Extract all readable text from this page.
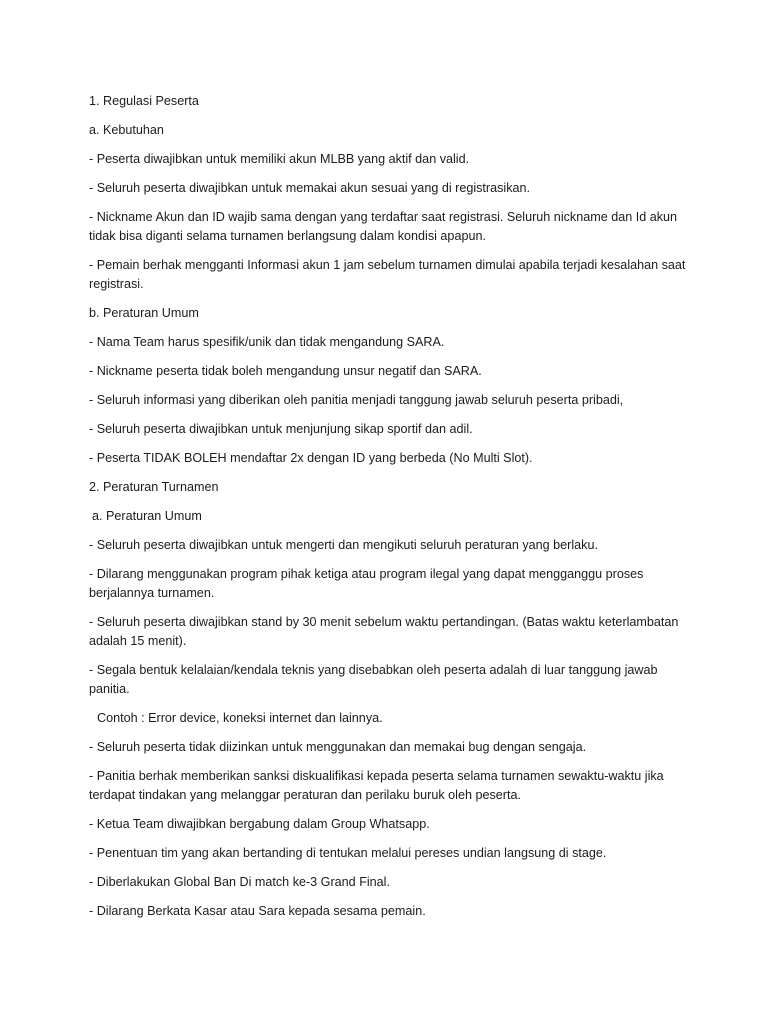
1. Regulasi Peserta

a. Kebutuhan

- Peserta diwajibkan untuk memiliki akun MLBB yang aktif dan valid.

- Seluruh peserta diwajibkan untuk memakai akun sesuai yang di registrasikan.

- Nickname Akun dan ID wajib sama dengan yang terdaftar saat registrasi. Seluruh nickname dan Id akun tidak bisa diganti selama turnamen berlangsung dalam kondisi apapun.

- Pemain berhak mengganti Informasi akun 1 jam sebelum turnamen dimulai apabila terjadi kesalahan saat registrasi.

b. Peraturan Umum

- Nama Team harus spesifik/unik dan tidak mengandung SARA.

- Nickname peserta tidak boleh mengandung unsur negatif dan SARA.

- Seluruh informasi yang diberikan oleh panitia menjadi tanggung jawab seluruh peserta pribadi,

- Seluruh peserta diwajibkan untuk menjunjung sikap sportif dan adil.

- Peserta TIDAK BOLEH mendaftar 2x dengan ID yang berbeda (No Multi Slot).

2. Peraturan Turnamen

a. Peraturan Umum

- Seluruh peserta diwajibkan untuk mengerti dan mengikuti seluruh peraturan yang berlaku.

- Dilarang menggunakan program pihak ketiga atau program ilegal yang dapat mengganggu proses berjalannya turnamen.

- Seluruh peserta diwajibkan stand by 30 menit sebelum waktu pertandingan. (Batas waktu keterlambatan adalah 15 menit).

- Segala bentuk kelalaian/kendala teknis yang disebabkan oleh peserta adalah di luar tanggung jawab panitia.

Contoh : Error device, koneksi internet dan lainnya.

- Seluruh peserta tidak diizinkan untuk menggunakan dan memakai bug dengan sengaja.

- Panitia berhak memberikan sanksi diskualifikasi kepada peserta selama turnamen sewaktu-waktu jika terdapat tindakan yang melanggar peraturan dan perilaku buruk oleh peserta.

- Ketua Team diwajibkan bergabung dalam Group Whatsapp.

- Penentuan tim yang akan bertanding di tentukan melalui pereses undian langsung di stage.

- Diberlakukan Global Ban Di match ke-3 Grand Final.

- Dilarang Berkata Kasar atau Sara kepada sesama pemain.
